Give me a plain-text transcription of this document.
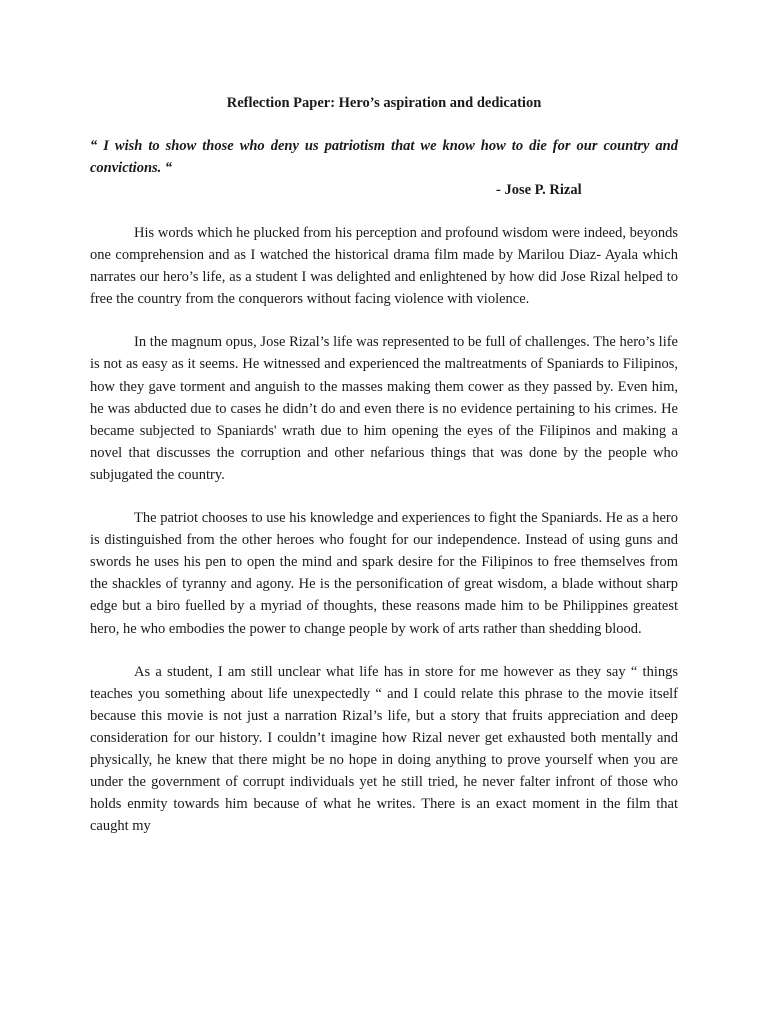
Reflection Paper: Hero’s aspiration and dedication

“ I wish to show those who deny us patriotism that we know how to die for our country and convictions. “

- Jose P. Rizal

His words which he plucked from his perception and profound wisdom were indeed, beyonds one comprehension and as I watched the historical drama film made by Marilou Diaz- Ayala which narrates our hero’s life, as a student I was delighted and enlightened by how did Jose Rizal helped to free the country from the conquerors without facing violence with violence.

In the magnum opus, Jose Rizal’s life was represented to be full of challenges. The hero’s life is not as easy as it seems. He witnessed and experienced the maltreatments of Spaniards to Filipinos, how they gave torment and anguish to the masses making them cower as they passed by. Even him, he was abducted due to cases he didn’t do and even there is no evidence pertaining to his crimes. He became subjected to Spaniards' wrath due to him opening the eyes of the Filipinos and making a novel that discusses the corruption and other nefarious things that was done by the people who subjugated the country.

The patriot chooses to use his knowledge and experiences to fight the Spaniards. He as a hero is distinguished from the other heroes who fought for our independence. Instead of using guns and swords he uses his pen to open the mind and spark desire for the Filipinos to free themselves from the shackles of tyranny and agony. He is the personification of great wisdom, a blade without sharp edge but a biro fuelled by a myriad of thoughts, these reasons made him to be Philippines greatest hero, he who embodies the power to change people by work of arts rather than shedding blood.

As a student, I am still unclear what life has in store for me however as they say “ things teaches you something about life unexpectedly “ and I could relate this phrase to the movie itself because this movie is not just a narration Rizal’s life, but a story that fruits appreciation and deep consideration for our history. I couldn’t imagine how Rizal never get exhausted both mentally and physically, he knew that there might be no hope in doing anything to prove yourself when you are under the government of corrupt individuals yet he still tried, he never falter infront of those who holds enmity towards him because of what he writes. There is an exact moment in the film that caught my
